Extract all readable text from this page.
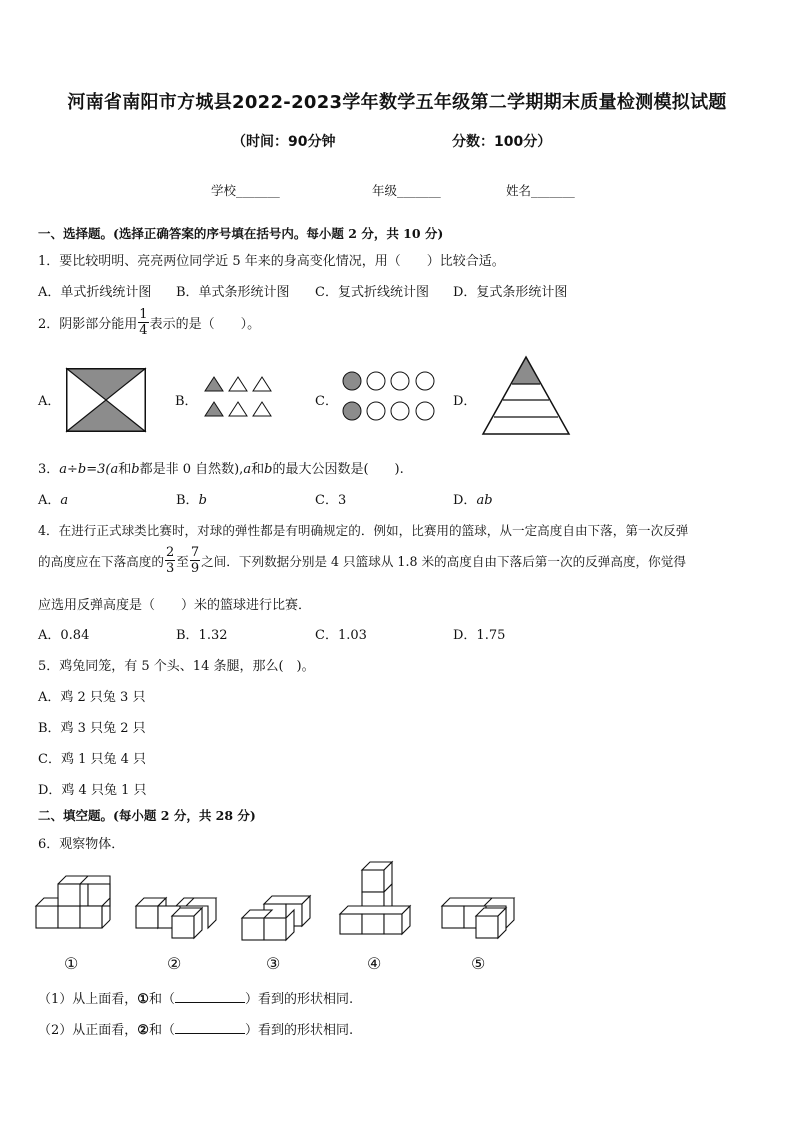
河南省南阳市方城县2022-2023学年数学五年级第二学期期末质量检测模拟试题
（时间：90分钟	分数：100分）
学校_______	年级_______	姓名_______
一、选择题。(选择正确答案的序号填在括号内。每小题 2 分，共 10 分)
1．要比较明明、亮亮两位同学近 5 年来的身高变化情况，用（　　）比较合适。
A．单式折线统计图 B．单式条形统计图 C．复式折线统计图 D．复式条形统计图
2．阴影部分能用 $\frac{1}{4}$ 表示的是（　　）。
A．	B．	C．	D．
3．a÷b=3(a和b都是非 0 自然数),a和b的最大公因数是(　　).
A．a	B．b	C．3	D．ab
4．在进行正式球类比赛时，对球的弹性都是有明确规定的．例如，比赛用的篮球，从一定高度自由下落，第一次反弹
的高度应在下落高度的 $\frac{2}{3}$ 至 $\frac{7}{9}$ 之间．下列数据分别是 4 只篮球从 1.8 米的高度自由下落后第一次的反弹高度，你觉得
应选用反弹高度是（　　）米的篮球进行比赛．
A．0.84	B．1.32	C．1.03	D．1.75
5．鸡兔同笼，有 5 个头、14 条腿，那么(　)。
A．鸡 2 只兔 3 只
B．鸡 3 只兔 2 只
C．鸡 1 只兔 4 只
D．鸡 4 只兔 1 只
二、填空题。(每小题 2 分，共 28 分)
6．观察物体．
①	②	③	④	⑤
（1）从上面看，①和（	）看到的形状相同.
（2）从正面看，②和（	）看到的形状相同.
